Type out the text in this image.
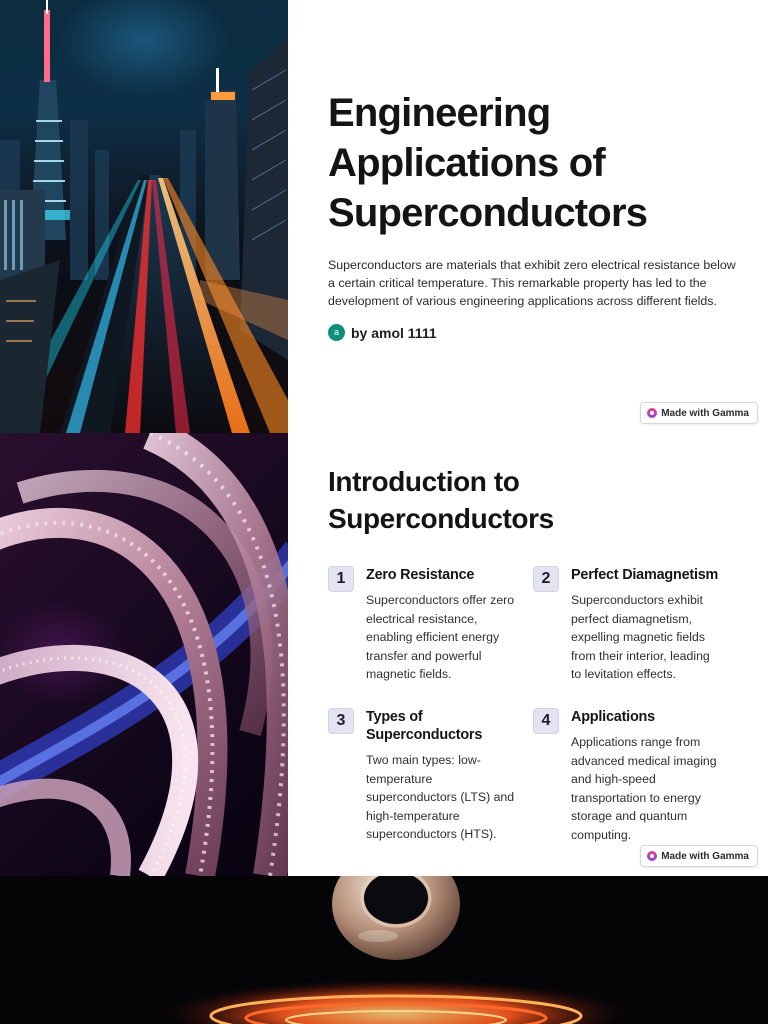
Engineering Applications of Superconductors

Superconductors are materials that exhibit zero electrical resistance below a certain critical temperature. This remarkable property has led to the development of various engineering applications across different fields.

a by amol 1111
Made with Gamma
Introduction to Superconductors
1	Zero Resistance
Superconductors offer zero electrical resistance, enabling efficient energy transfer and powerful magnetic fields.
2	Perfect Diamagnetism
Superconductors exhibit perfect diamagnetism, expelling magnetic fields from their interior, leading to levitation effects.
3	Types of Superconductors
Two main types: low-temperature superconductors (LTS) and high-temperature superconductors (HTS).
4	Applications
Applications range from advanced medical imaging and high-speed transportation to energy storage and quantum computing.
Made with Gamma
